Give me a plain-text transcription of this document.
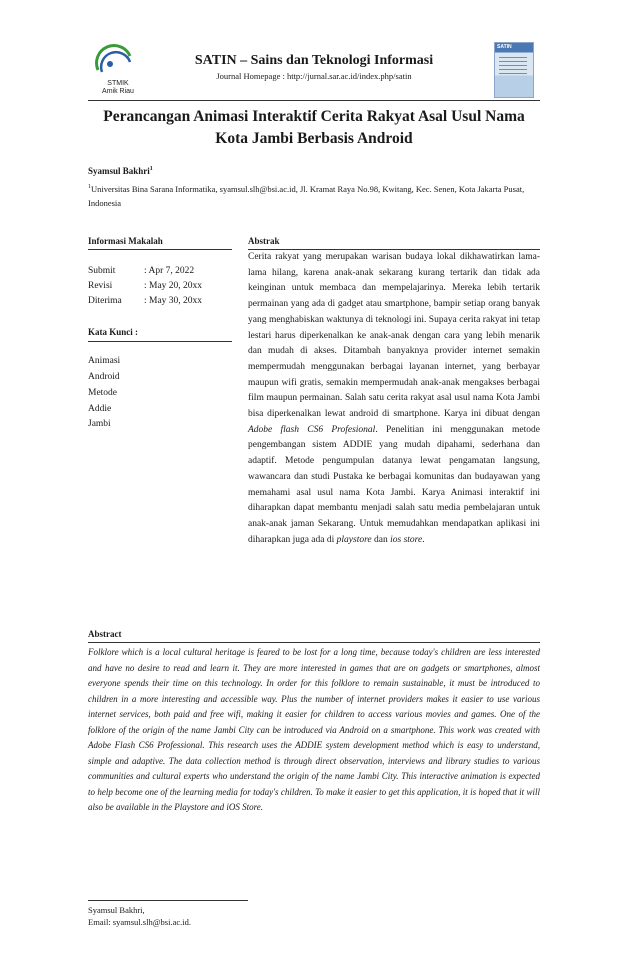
STMIK
Amik Riau
SATIN – Sains dan Teknologi Informasi
Journal Homepage : http://jurnal.sar.ac.id/index.php/satin
SATIN
Perancangan Animasi Interaktif Cerita Rakyat Asal Usul Nama
Kota Jambi Berbasis Android
Syamsul Bakhri$^1$
$^1$Universitas Bina Sarana Informatika, syamsul.slh@bsi.ac.id, Jl. Kramat Raya No.98, Kwitang, Kec. Senen, Kota Jakarta Pusat, Indonesia
Informasi Makalah
Submit	: Apr 7, 2022
Revisi	: May 20, 20xx
Diterima : May 30, 20xx
Kata Kunci :
Animasi
Android
Metode
Addie
Jambi
Abstrak
Cerita rakyat yang merupakan warisan budaya lokal dikhawatirkan lama-lama hilang, karena anak-anak sekarang kurang tertarik dan tidak ada keinginan untuk membaca dan mempelajarinya. Mereka lebih tertarik permainan yang ada di gadget atau smartphone, bampir setiap orang banyak yang menghabiskan waktunya di teknologi ini. Supaya cerita rakyat ini tetap lestari harus diperkenalkan ke anak-anak dengan cara yang lebih menarik dan mudah di akses. Ditambah banyaknya provider internet semakin mempermudah menggunakan berbagai layanan internet, yang berbayar maupun wifi gratis, semakin mempermudah anak-anak mengakses berbagai film maupun permainan. Salah satu cerita rakyat asal usul nama Kota Jambi bisa diperkenalkan lewat android di smartphone. Karya ini dibuat dengan Adobe flash CS6 Profesional. Penelitian ini menggunakan metode pengembangan sistem ADDIE yang mudah dipahami, sederhana dan adaptif. Metode pengumpulan datanya lewat pengamatan langsung, wawancara dan studi Pustaka ke berbagai komunitas dan budayawan yang memahami asal usul nama Kota Jambi. Karya Animasi interaktif ini diharapkan dapat membantu menjadi salah satu media pembelajaran untuk anak-anak jaman Sekarang. Untuk memudahkan mendapatkan aplikasi ini diharapkan juga ada di playstore dan ios store.
Abstract
Folklore which is a local cultural heritage is feared to be lost for a long time, because today's children are less interested and have no desire to read and learn it. They are more interested in games that are on gadgets or smartphones, almost everyone spends their time on this technology. In order for this folklore to remain sustainable, it must be introduced to children in a more interesting and accessible way. Plus the number of internet providers makes it easier to use various internet services, both paid and free wifi, making it easier for children to access various movies and games. One of the folklore of the origin of the name Jambi City can be introduced via Android on a smartphone. This work was created with Adobe Flash CS6 Professional. This research uses the ADDIE system development method which is easy to understand, simple and adaptive. The data collection method is through direct observation, interviews and library studies to various communities and cultural experts who understand the origin of the name Jambi City. This interactive animation is expected to help become one of the learning media for today's children. To make it easier to get this application, it is hoped that it will also be available in the Playstore and iOS Store.
Syamsul Bakhri,
Email: syamsul.slh@bsi.ac.id.
